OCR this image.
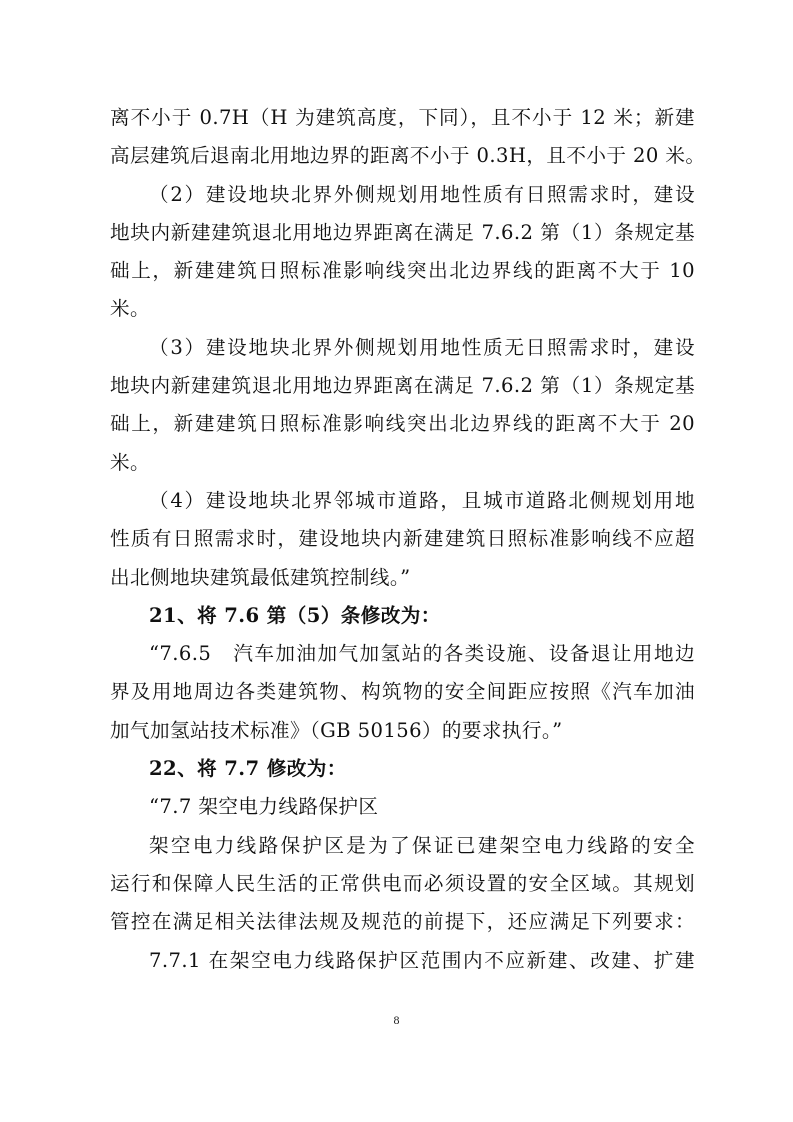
离不小于 0.7H（H 为建筑高度，下同），且不小于 12 米；新建
高层建筑后退南北用地边界的距离不小于 0.3H，且不小于 20 米。
（2）建设地块北界外侧规划用地性质有日照需求时，建设
地块内新建建筑退北用地边界距离在满足 7.6.2 第（1）条规定基
础上，新建建筑日照标准影响线突出北边界线的距离不大于 10
米。
（3）建设地块北界外侧规划用地性质无日照需求时，建设
地块内新建建筑退北用地边界距离在满足 7.6.2 第（1）条规定基
础上，新建建筑日照标准影响线突出北边界线的距离不大于 20
米。
（4）建设地块北界邻城市道路，且城市道路北侧规划用地
性质有日照需求时，建设地块内新建建筑日照标准影响线不应超
出北侧地块建筑最低建筑控制线。”
21、将 7.6 第（5）条修改为：
“7.6.5　汽车加油加气加氢站的各类设施、设备退让用地边
界及用地周边各类建筑物、构筑物的安全间距应按照《汽车加油
加气加氢站技术标准》（GB 50156）的要求执行。”
22、将 7.7 修改为：
“7.7 架空电力线路保护区
架空电力线路保护区是为了保证已建架空电力线路的安全
运行和保障人民生活的正常供电而必须设置的安全区域。其规划
管控在满足相关法律法规及规范的前提下，还应满足下列要求：
7.7.1 在架空电力线路保护区范围内不应新建、改建、扩建
8
